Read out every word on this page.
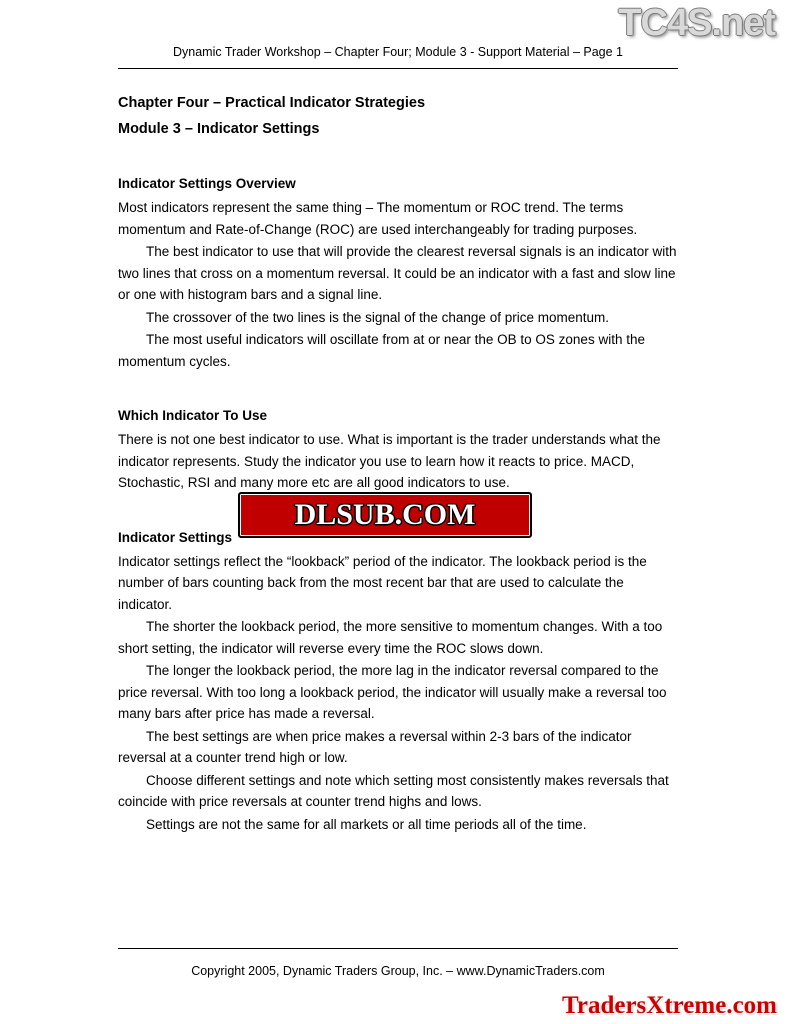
TC4S.net
Dynamic Trader Workshop – Chapter Four; Module 3 - Support Material – Page 1
Chapter Four – Practical Indicator Strategies
Module 3 – Indicator Settings
Indicator Settings Overview

Most indicators represent the same thing – The momentum or ROC trend. The terms momentum and Rate-of-Change (ROC) are used interchangeably for trading purposes.

The best indicator to use that will provide the clearest reversal signals is an indicator with two lines that cross on a momentum reversal. It could be an indicator with a fast and slow line or one with histogram bars and a signal line.

The crossover of the two lines is the signal of the change of price momentum.

The most useful indicators will oscillate from at or near the OB to OS zones with the momentum cycles.

Which Indicator To Use

There is not one best indicator to use. What is important is the trader understands what the indicator represents. Study the indicator you use to learn how it reacts to price. MACD, Stochastic, RSI and many more etc are all good indicators to use.

Indicator Settings

Indicator settings reflect the “lookback” period of the indicator. The lookback period is the number of bars counting back from the most recent bar that are used to calculate the indicator.

The shorter the lookback period, the more sensitive to momentum changes. With a too short setting, the indicator will reverse every time the ROC slows down.

The longer the lookback period, the more lag in the indicator reversal compared to the price reversal. With too long a lookback period, the indicator will usually make a reversal too many bars after price has made a reversal.

The best settings are when price makes a reversal within 2-3 bars of the indicator reversal at a counter trend high or low.

Choose different settings and note which setting most consistently makes reversals that coincide with price reversals at counter trend highs and lows.

Settings are not the same for all markets or all time periods all of the time.

DLSUB.COM
Copyright 2005, Dynamic Traders Group, Inc. – www.DynamicTraders.com
TradersXtreme.com
